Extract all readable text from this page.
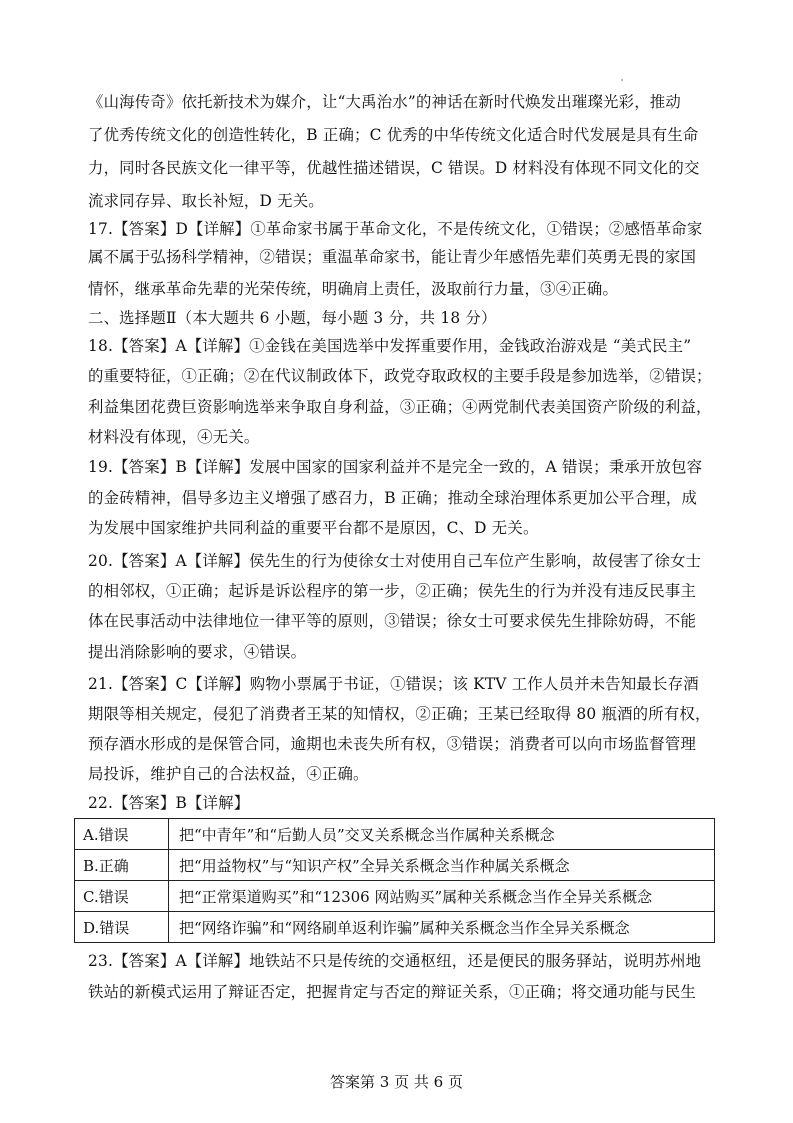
《山海传奇》依托新技术为媒介，让“大禹治水”的神话在新时代焕发出璀璨光彩，推动
了优秀传统文化的创造性转化，B 正确；C 优秀的中华传统文化适合时代发展是具有生命
力，同时各民族文化一律平等，优越性描述错误，C 错误。D 材料没有体现不同文化的交
流求同存异、取长补短，D 无关。
17.【答案】D【详解】①革命家书属于革命文化，不是传统文化，①错误；②感悟革命家
属不属于弘扬科学精神，②错误；重温革命家书，能让青少年感悟先辈们英勇无畏的家国
情怀，继承革命先辈的光荣传统，明确肩上责任，汲取前行力量，③④正确。
二、选择题Ⅱ（本大题共 6 小题，每小题 3 分，共 18 分）
18.【答案】A【详解】①金钱在美国选举中发挥重要作用，金钱政治游戏是 “美式民主”
的重要特征，①正确；②在代议制政体下，政党夺取政权的主要手段是参加选举，②错误；
利益集团花费巨资影响选举来争取自身利益，③正确；④两党制代表美国资产阶级的利益，
材料没有体现，④无关。
19.【答案】B【详解】发展中国家的国家利益并不是完全一致的，A 错误；秉承开放包容
的金砖精神，倡导多边主义增强了感召力，B 正确；推动全球治理体系更加公平合理，成
为发展中国家维护共同利益的重要平台都不是原因，C、D 无关。
20.【答案】A【详解】侯先生的行为使徐女士对使用自己车位产生影响，故侵害了徐女士
的相邻权，①正确；起诉是诉讼程序的第一步，②正确；侯先生的行为并没有违反民事主
体在民事活动中法律地位一律平等的原则，③错误；徐女士可要求侯先生排除妨碍，不能
提出消除影响的要求，④错误。
21.【答案】C【详解】购物小票属于书证，①错误；该 KTV 工作人员并未告知最长存酒
期限等相关规定，侵犯了消费者王某的知情权，②正确；王某已经取得 80 瓶酒的所有权，
预存酒水形成的是保管合同，逾期也未丧失所有权，③错误；消费者可以向市场监督管理
局投诉，维护自己的合法权益，④正确。
22.【答案】B【详解】
A.错误	把“中青年”和“后勤人员”交叉关系概念当作属种关系概念
B.正确	把“用益物权”与“知识产权”全异关系概念当作种属关系概念
C.错误	把“正常渠道购买”和“12306 网站购买”属种关系概念当作全异关系概念
D.错误	把“网络诈骗”和“网络刷单返利诈骗”属种关系概念当作全异关系概念
23.【答案】A【详解】地铁站不只是传统的交通枢纽，还是便民的服务驿站，说明苏州地
铁站的新模式运用了辩证否定，把握肯定与否定的辩证关系，①正确；将交通功能与民生
答案第 3 页 共 6 页
